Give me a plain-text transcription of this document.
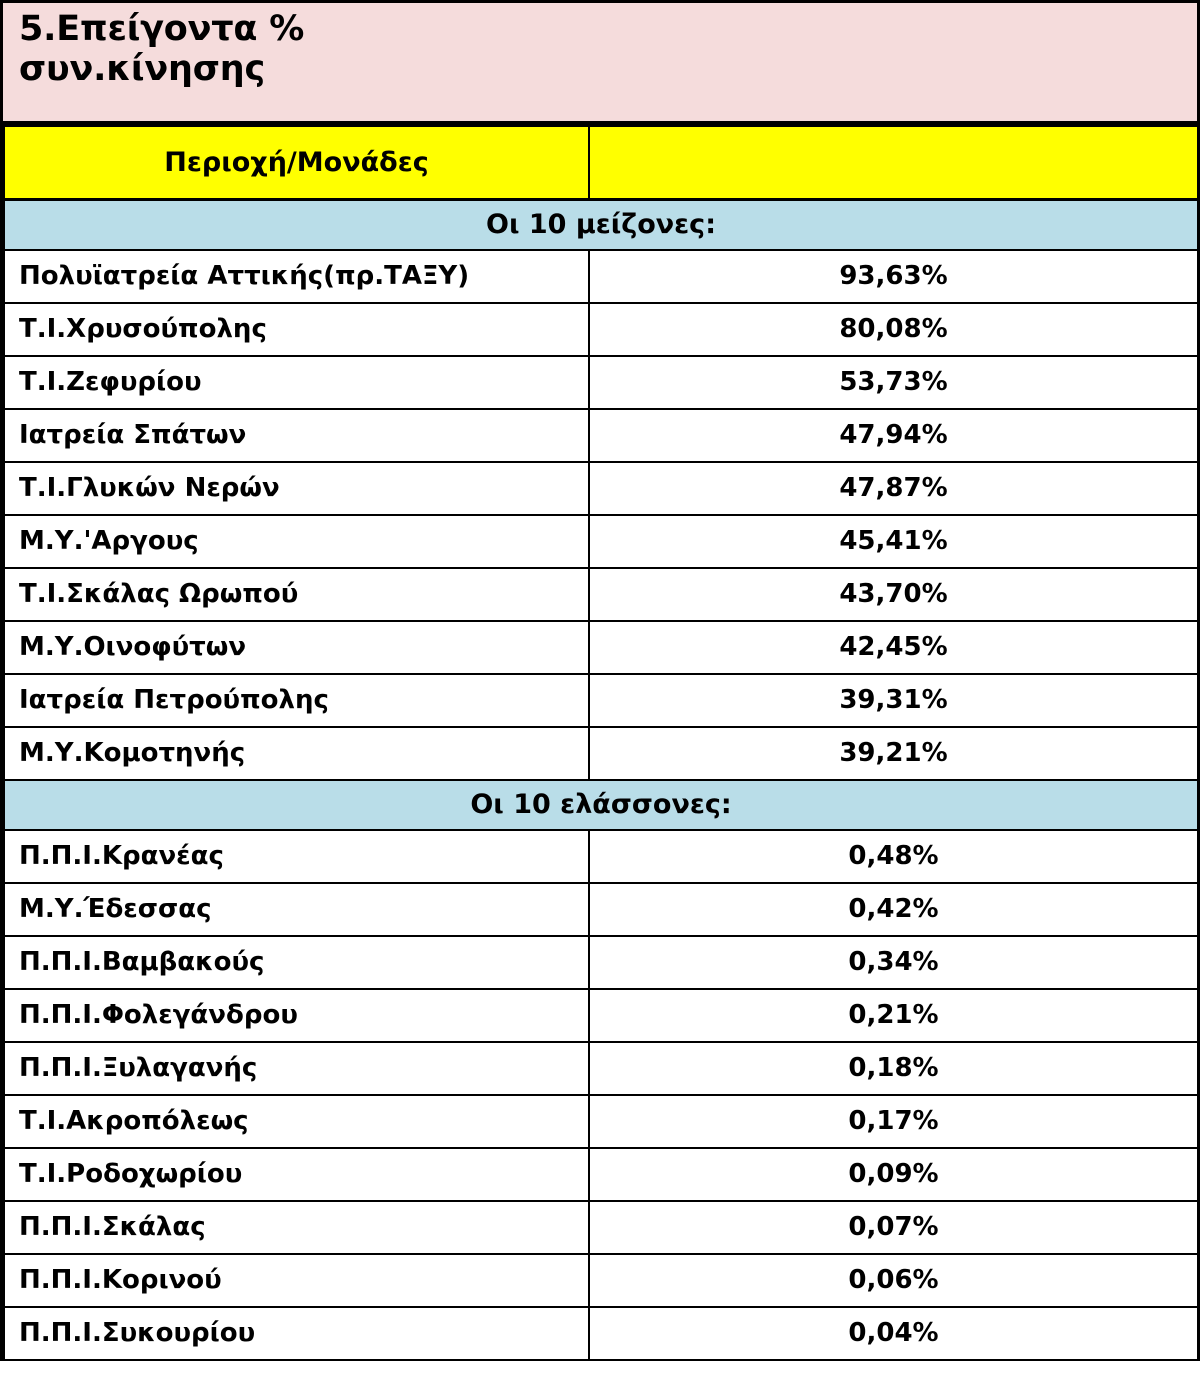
5.Επείγοντα %
συν.κίνησης
Περιοχή/Μονάδες	
Οι 10 μείζονες:	
Πολυϊατρεία Αττικής(πρ.ΤΑΞΥ)	93,63%
Τ.Ι.Χρυσούπολης	80,08%
Τ.Ι.Ζεφυρίου	53,73%
Ιατρεία Σπάτων	47,94%
Τ.Ι.Γλυκών Νερών	47,87%
Μ.Υ.'Αργους	45,41%
Τ.Ι.Σκάλας Ωρωπού	43,70%
Μ.Υ.Οινοφύτων	42,45%
Ιατρεία Πετρούπολης	39,31%
Μ.Υ.Κομοτηνής	39,21%
Οι 10 ελάσσονες:	
Π.Π.Ι.Κρανέας	0,48%
Μ.Υ.Έδεσσας	0,42%
Π.Π.Ι.Βαμβακούς	0,34%
Π.Π.Ι.Φολεγάνδρου	0,21%
Π.Π.Ι.Ξυλαγανής	0,18%
Τ.Ι.Ακροπόλεως	0,17%
Τ.Ι.Ροδοχωρίου	0,09%
Π.Π.Ι.Σκάλας	0,07%
Π.Π.Ι.Κορινού	0,06%
Π.Π.Ι.Συκουρίου	0,04%
